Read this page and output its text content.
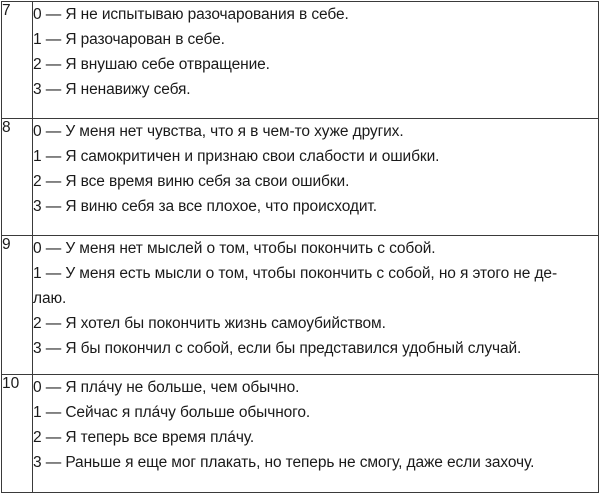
7	0 — Я не испытываю разочарования в себе.
1 — Я разочарован в себе.
2 — Я внушаю себе отвращение.
3 — Я ненавижу себя.

8	0 — У меня нет чувства, что я в чем-то хуже других.
1 — Я самокритичен и признаю свои слабости и ошибки.
2 — Я все время виню себя за свои ошибки.
3 — Я виню себя за все плохое, что происходит.

9	0 — У меня нет мыслей о том, чтобы покончить с собой.
1 — У меня есть мысли о том, чтобы покончить с собой, но я этого не де-
лаю.
2 — Я хотел бы покончить жизнь самоубийством.
3 — Я бы покончил с собой, если бы представился удобный случай.

10	0 — Я плáчу не больше, чем обычно.
1 — Сейчас я плáчу больше обычного.
2 — Я теперь все время плáчу.
3 — Раньше я еще мог плакать, но теперь не смогу, даже если захочу.
